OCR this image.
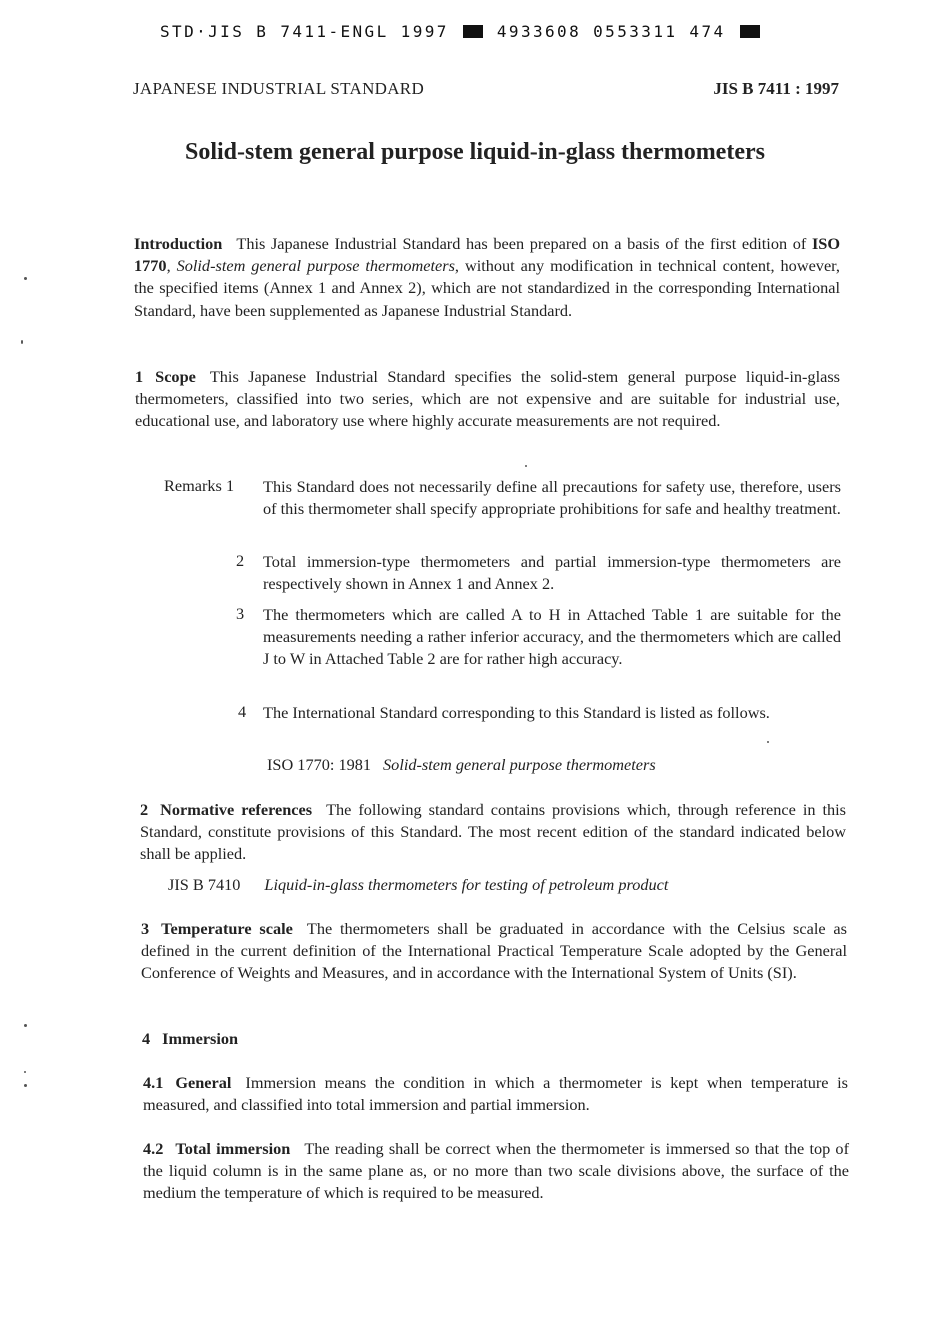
STD·JIS B 7411-ENGL 1997	4933608 0553311 474
JAPANESE INDUSTRIAL STANDARD	JIS B 7411 : 1997
Solid-stem general purpose liquid-in-glass thermometers
Introduction This Japanese Industrial Standard has been prepared on a basis of the first edition of ISO 1770, Solid-stem general purpose thermometers, without any modification in technical content, however, the specified items (Annex 1 and Annex 2), which are not standardized in the corresponding International Standard, have been supplemented as Japanese Industrial Standard.
1 Scope This Japanese Industrial Standard specifies the solid-stem general purpose liquid-in-glass thermometers, classified into two series, which are not expensive and are suitable for industrial use, educational use, and laboratory use where highly accurate measurements are not required.
Remarks 1 This Standard does not necessarily define all precautions for safety use, therefore, users of this thermometer shall specify appropriate prohibitions for safe and healthy treatment.
2 Total immersion-type thermometers and partial immersion-type thermometers are respectively shown in Annex 1 and Annex 2.
3 The thermometers which are called A to H in Attached Table 1 are suitable for the measurements needing a rather inferior accuracy, and the thermometers which are called J to W in Attached Table 2 are for rather high accuracy.
4 The International Standard corresponding to this Standard is listed as follows.
ISO 1770: 1981 Solid-stem general purpose thermometers
2 Normative references The following standard contains provisions which, through reference in this Standard, constitute provisions of this Standard. The most recent edition of the standard indicated below shall be applied.
JIS B 7410 Liquid-in-glass thermometers for testing of petroleum product
3 Temperature scale The thermometers shall be graduated in accordance with the Celsius scale as defined in the current definition of the International Practical Temperature Scale adopted by the General Conference of Weights and Measures, and in accordance with the International System of Units (SI).
4 Immersion
4.1 General Immersion means the condition in which a thermometer is kept when temperature is measured, and classified into total immersion and partial immersion.
4.2 Total immersion The reading shall be correct when the thermometer is immersed so that the top of the liquid column is in the same plane as, or no more than two scale divisions above, the surface of the medium the temperature of which is required to be measured.
